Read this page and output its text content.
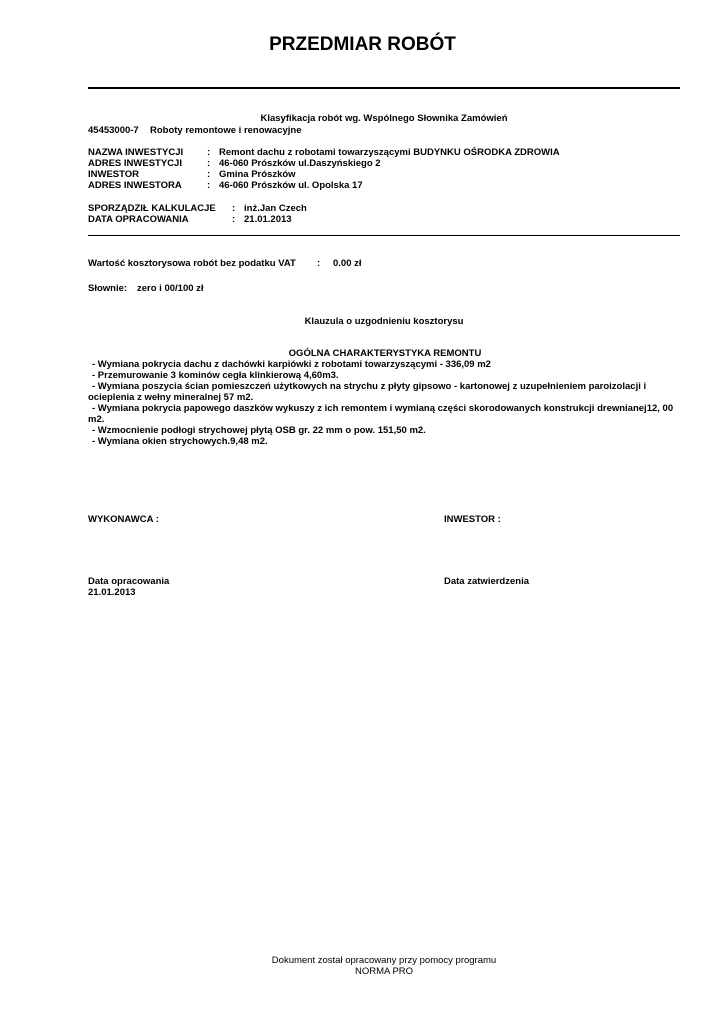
PRZEDMIAR ROBÓT
Klasyfikacja robót wg. Wspólnego Słownika Zamówień
45453000-7	Roboty remontowe i renowacyjne
NAZWA INWESTYCJI	: Remont dachu z robotami towarzyszącymi BUDYNKU OŚRODKA ZDROWIA
ADRES INWESTYCJI	: 46-060 Prószków ul.Daszyńskiego 2
INWESTOR	: Gmina Prószków
ADRES INWESTORA	: 46-060 Prószków ul. Opolska 17
SPORZĄDZIŁ KALKULACJE	: inż.Jan Czech
DATA OPRACOWANIA	: 21.01.2013
Wartość kosztorysowa robót bez podatku VAT	:	0.00 zł
Słownie:	zero i 00/100 zł
Klauzula o uzgodnieniu kosztorysu
OGÓLNA CHARAKTERYSTYKA REMONTU
- Wymiana pokrycia dachu z dachówki karpiówki z robotami towarzyszącymi - 336,09 m2
- Przemurowanie 3 kominów cegła klinkierową 4,60m3.
- Wymiana poszycia ścian pomieszczeń użytkowych na strychu z płyty gipsowo - kartonowej z uzupełnieniem paroizolacji i ocieplenia z wełny mineralnej 57 m2.
- Wymiana pokrycia papowego daszków wykuszy z ich remontem i wymianą części skorodowanych konstrukcji drewnianej12, 00 m2.
- Wzmocnienie podłogi strychowej płytą OSB gr. 22 mm o pow. 151,50 m2.
- Wymiana okien strychowych.9,48 m2.
WYKONAWCA :	INWESTOR :
Data opracowania
21.01.2013
Data zatwierdzenia
Dokument został opracowany przy pomocy programu
NORMA PRO
